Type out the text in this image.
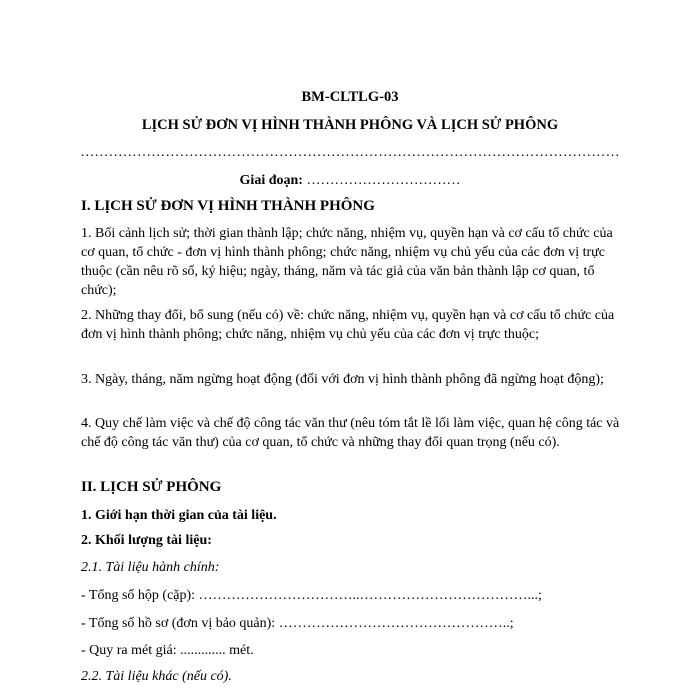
BM-CLTLG-03
LỊCH SỬ ĐƠN VỊ HÌNH THÀNH PHÔNG VÀ LỊCH SỬ PHÔNG
……………………………………………………………………………………………………
Giai đoạn: ……………………………
I. LỊCH SỬ ĐƠN VỊ HÌNH THÀNH PHÔNG
1. Bối cảnh lịch sử; thời gian thành lập; chức năng, nhiệm vụ, quyền hạn và cơ cấu tổ chức của cơ quan, tổ chức - đơn vị hình thành phông; chức năng, nhiệm vụ chủ yếu của các đơn vị trực thuộc (cần nêu rõ số, ký hiệu; ngày, tháng, năm và tác giả của văn bản thành lập cơ quan, tổ chức);
2. Những thay đổi, bổ sung (nếu có) về: chức năng, nhiệm vụ, quyền hạn và cơ cấu tổ chức của đơn vị hình thành phông; chức năng, nhiệm vụ chủ yếu của các đơn vị trực thuộc;
3. Ngày, tháng, năm ngừng hoạt động (đối với đơn vị hình thành phông đã ngừng hoạt động);
4. Quy chế làm việc và chế độ công tác văn thư (nêu tóm tắt lề lối làm việc, quan hệ công tác và chế độ công tác văn thư) của cơ quan, tổ chức và những thay đổi quan trọng (nếu có).
II. LỊCH SỬ PHÔNG
1. Giới hạn thời gian của tài liệu.
2. Khối lượng tài liệu:
2.1. Tài liệu hành chính:
- Tổng số hộp (cặp): ……………………………..………………………………...;
- Tổng số hồ sơ (đơn vị bảo quản): …………………………………………..;
- Quy ra mét giá: ............. mét.
2.2. Tài liệu khác (nếu có).
